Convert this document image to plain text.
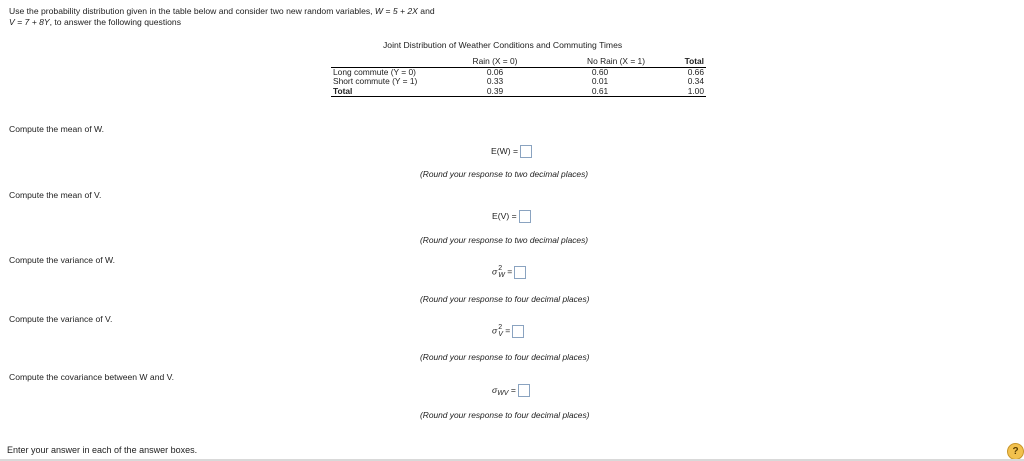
Use the probability distribution given in the table below and consider two new random variables, W = 5 + 2X and
V = 7 + 8Y, to answer the following questions
Joint Distribution of Weather Conditions and Commuting Times
	Rain (X = 0)	No Rain (X = 1)	Total
Long commute (Y = 0)	0.06	0.60	0.66
Short commute (Y = 1)	0.33	0.01	0.34
Total	0.39	0.61	1.00
Compute the mean of W.
E(W) =
(Round your response to two decimal places)
Compute the mean of V.
E(V) =
(Round your response to two decimal places)
Compute the variance of W.
σ 2
W =
(Round your response to four decimal places)
Compute the variance of V.
σ 2
V =
(Round your response to four decimal places)
Compute the covariance between W and V.
$\sigma_{WV}$ =
(Round your response to four decimal places)
Enter your answer in each of the answer boxes.	?
